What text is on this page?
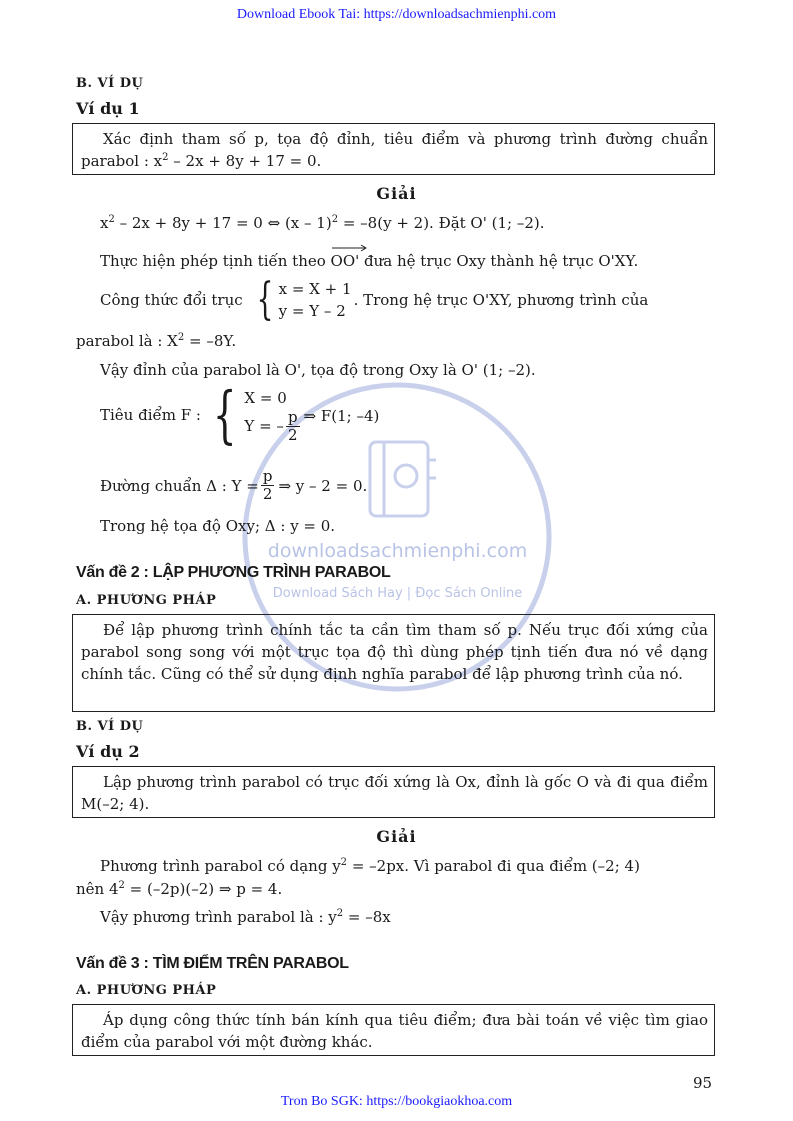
Download Ebook Tai: https://downloadsachmienphi.com
Tron Bo SGK: https://bookgiaokhoa.com
downloadsachmienphi.com
Download Sách Hay | Đọc Sách Online
B. VÍ DỤ
Ví dụ 1

Xác định tham số p, tọa độ đỉnh, tiêu điểm và phương trình đường chuẩn parabol : $x^2 - 2x + 8y + 17 = 0$.

Giải
$x^2 - 2x + 8y + 17 = 0$ ⇔ (x – 1)$^2$ = –8(y + 2). Đặt O' (1; –2).
Thực hiện phép tịnh tiến theo
OO' đưa hệ trục Oxy thành hệ trục O'XY.
Công thức đổi trục { x = X + 1
y = Y – 2
. Trong hệ trục O'XY, phương trình của
parabol là : $X^2 = -8Y$.
Vậy đỉnh của parabol là O', tọa độ trong Oxy là O' (1; –2).
Tiêu điểm F : { X = 0
Y = – $\frac{p}{2}$ ⇒ F(1; –4)
Đường chuẩn Δ : $Y = \frac{p}{2}$ ⇒ y – 2 = 0.
Trong hệ tọa độ Oxy; Δ : y = 0.
Vấn đề 2 : LẬP PHƯƠNG TRÌNH PARABOL
A. PHƯƠNG PHÁP

Để lập phương trình chính tắc ta cần tìm tham số p. Nếu trục đối xứng của parabol song song với một trục tọa độ thì dùng phép tịnh tiến đưa nó về dạng chính tắc. Cũng có thể sử dụng định nghĩa parabol để lập phương trình của nó.

B. VÍ DỤ
Ví dụ 2

Lập phương trình parabol có trục đối xứng là Ox, đỉnh là gốc O và đi qua điểm M(–2; 4).

Giải
Phương trình parabol có dạng $y^2 = -2px$. Vì parabol đi qua điểm (–2; 4)
nên $4^2 = (-2p)(-2)$ ⇒ p = 4.
Vậy phương trình parabol là : $y^2 = -8x$
Vấn đề 3 : TÌM ĐIỂM TRÊN PARABOL
A. PHƯƠNG PHÁP

Áp dụng công thức tính bán kính qua tiêu điểm; đưa bài toán về việc tìm giao điểm của parabol với một đường khác.

95
